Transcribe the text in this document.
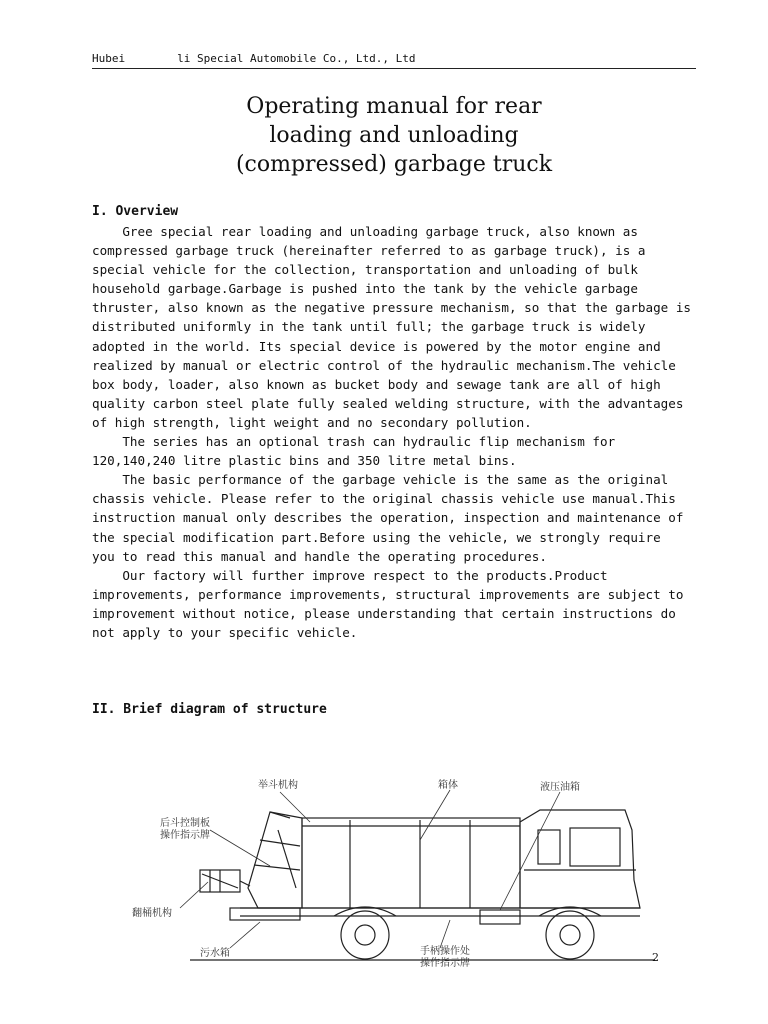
Hubei	li Special Automobile Co., Ltd., Ltd
Operating manual for rear
loading and unloading
(compressed) garbage truck
I. Overview
Gree special rear loading and unloading garbage truck, also known as
compressed garbage truck (hereinafter referred to as garbage truck), is a
special vehicle for the collection, transportation and unloading of bulk
household garbage.Garbage is pushed into the tank by the vehicle garbage
thruster, also known as the negative pressure mechanism, so that the garbage is
distributed uniformly in the tank until full; the garbage truck is widely
adopted in the world. Its special device is powered by the motor engine and
realized by manual or electric control of the hydraulic mechanism.The vehicle
box body, loader, also known as bucket body and sewage tank are all of high
quality carbon steel plate fully sealed welding structure, with the advantages
of high strength, light weight and no secondary pollution.
The series has an optional trash can hydraulic flip mechanism for
120,140,240 litre plastic bins and 350 litre metal bins.
The basic performance of the garbage vehicle is the same as the original
chassis vehicle. Please refer to the original chassis vehicle use manual.This
instruction manual only describes the operation, inspection and maintenance of
the special modification part.Before using the vehicle, we strongly require
you to read this manual and handle the operating procedures.
Our factory will further improve respect to the products.Product
improvements, performance improvements, structural improvements are subject to
improvement without notice, please understanding that certain instructions do
not apply to your specific vehicle.
II. Brief diagram of structure
举斗机构	箱体	液压油箱
后斗控制板
操作指示牌
翻桶机构
污水箱	手柄操作处
操作指示牌	2
